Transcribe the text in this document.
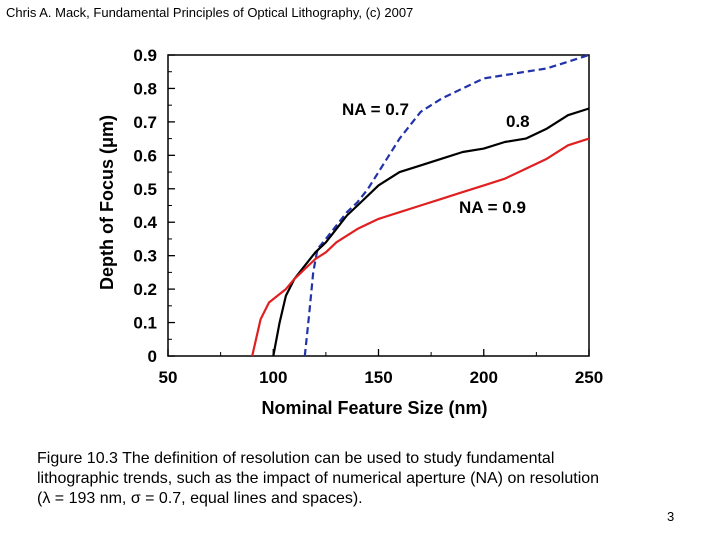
Chris A. Mack, Fundamental Principles of Optical Lithography, (c) 2007
50	100	150	200	250
0
0.1
0.2
0.3
0.4
0.5
0.6
0.7
0.8
0.9
Nominal Feature Size (nm)
Depth of Focus (μm)
NA = 0.7
0.8
NA = 0.9
Figure 10.3 The definition of resolution can be used to study fundamental
lithographic trends, such as the impact of numerical aperture (NA) on resolution
(λ = 193 nm, σ = 0.7, equal lines and spaces).
3
